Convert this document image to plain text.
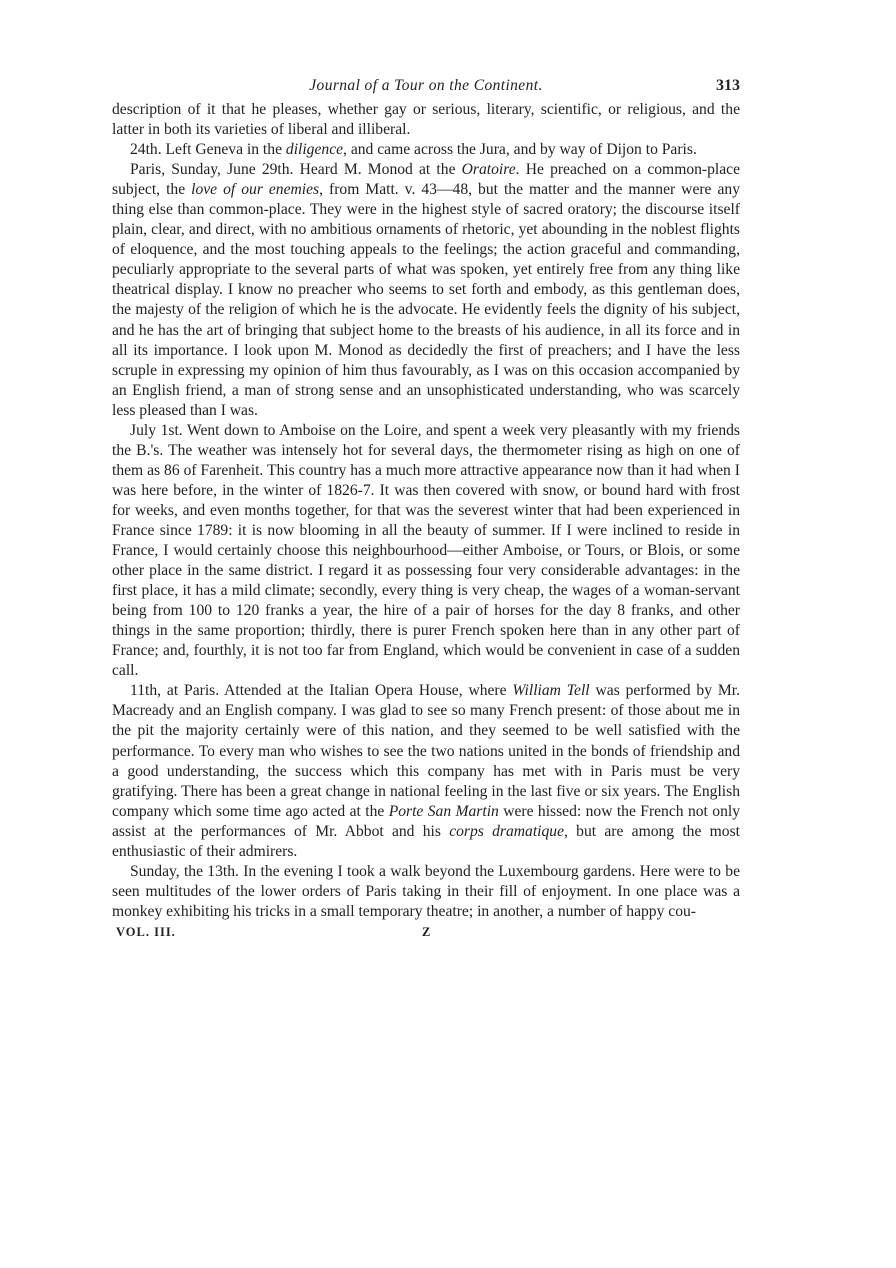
Journal of a Tour on the Continent.	313

description of it that he pleases, whether gay or serious, literary, scientific, or religious, and the latter in both its varieties of liberal and illiberal.

24th. Left Geneva in the diligence, and came across the Jura, and by way of Dijon to Paris.

Paris, Sunday, June 29th. Heard M. Monod at the Oratoire. He preached on a common-place subject, the love of our enemies, from Matt. v. 43—48, but the matter and the manner were any thing else than common-place. They were in the highest style of sacred oratory; the discourse itself plain, clear, and direct, with no ambitious ornaments of rhetoric, yet abounding in the noblest flights of eloquence, and the most touching appeals to the feelings; the action graceful and commanding, peculiarly appropriate to the several parts of what was spoken, yet entirely free from any thing like theatrical display. I know no preacher who seems to set forth and embody, as this gentleman does, the majesty of the religion of which he is the advocate. He evidently feels the dignity of his subject, and he has the art of bringing that subject home to the breasts of his audience, in all its force and in all its importance. I look upon M. Monod as decidedly the first of preachers; and I have the less scruple in expressing my opinion of him thus favourably, as I was on this occasion accompanied by an English friend, a man of strong sense and an unsophisticated understanding, who was scarcely less pleased than I was.

July 1st. Went down to Amboise on the Loire, and spent a week very pleasantly with my friends the B.'s. The weather was intensely hot for several days, the thermometer rising as high on one of them as 86 of Farenheit. This country has a much more attractive appearance now than it had when I was here before, in the winter of 1826-7. It was then covered with snow, or bound hard with frost for weeks, and even months together, for that was the severest winter that had been experienced in France since 1789: it is now blooming in all the beauty of summer. If I were inclined to reside in France, I would certainly choose this neighbourhood—either Amboise, or Tours, or Blois, or some other place in the same district. I regard it as possessing four very considerable advantages: in the first place, it has a mild climate; secondly, every thing is very cheap, the wages of a woman-servant being from 100 to 120 franks a year, the hire of a pair of horses for the day 8 franks, and other things in the same proportion; thirdly, there is purer French spoken here than in any other part of France; and, fourthly, it is not too far from England, which would be convenient in case of a sudden call.

11th, at Paris. Attended at the Italian Opera House, where William Tell was performed by Mr. Macready and an English company. I was glad to see so many French present: of those about me in the pit the majority certainly were of this nation, and they seemed to be well satisfied with the performance. To every man who wishes to see the two nations united in the bonds of friendship and a good understanding, the success which this company has met with in Paris must be very gratifying. There has been a great change in national feeling in the last five or six years. The English company which some time ago acted at the Porte San Martin were hissed: now the French not only assist at the performances of Mr. Abbot and his corps dramatique, but are among the most enthusiastic of their admirers.

Sunday, the 13th. In the evening I took a walk beyond the Luxembourg gardens. Here were to be seen multitudes of the lower orders of Paris taking in their fill of enjoyment. In one place was a monkey exhibiting his tricks in a small temporary theatre; in another, a number of happy cou-

VOL. III.	Z
